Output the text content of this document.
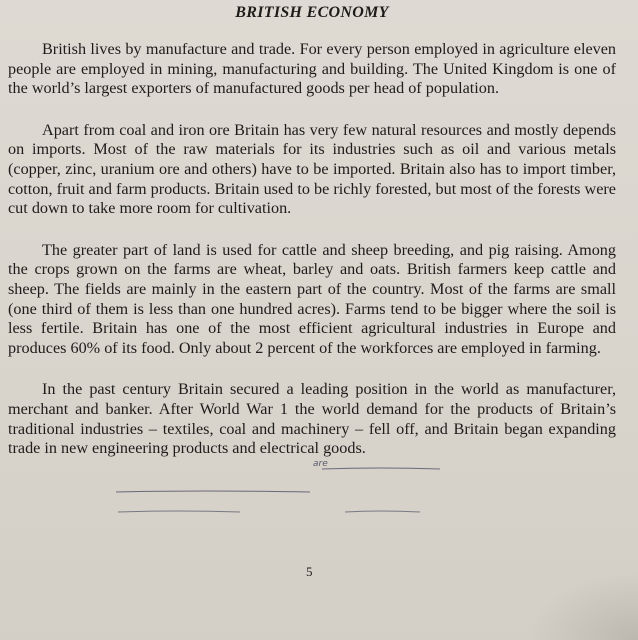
BRITISH ECONOMY

British lives by manufacture and trade. For every person employed in agriculture eleven people are employed in mining, manufacturing and building. The United Kingdom is one of the world’s largest exporters of manufactured goods per head of population.

Apart from coal and iron ore Britain has very few natural resources and mostly depends on imports. Most of the raw materials for its industries such as oil and various metals (copper, zinc, uranium ore and others) have to be imported. Britain also has to import timber, cotton, fruit and farm products. Britain used to be richly forested, but most of the forests were cut down to take more room for cultivation.

The greater part of land is used for cattle and sheep breeding, and pig raising. Among the crops grown on the farms are wheat, barley and oats. British farmers keep cattle and sheep. The fields are mainly in the eastern part of the country. Most of the farms are small (one third of them is less than one hundred acres). Farms tend to be bigger where the soil is less fertile. Britain has one of the most efficient agricultural industries in Europe and produces 60% of its food. Only about 2 percent of the workforces are employed in farming.

In the past century Britain secured a leading position in the world as manufacturer, merchant and banker. After World War 1 the world demand for the products of Britain’s traditional industries – textiles, coal and machinery – fell off, and Britain began expanding trade in new engineering products and electrical goods.

5
are
